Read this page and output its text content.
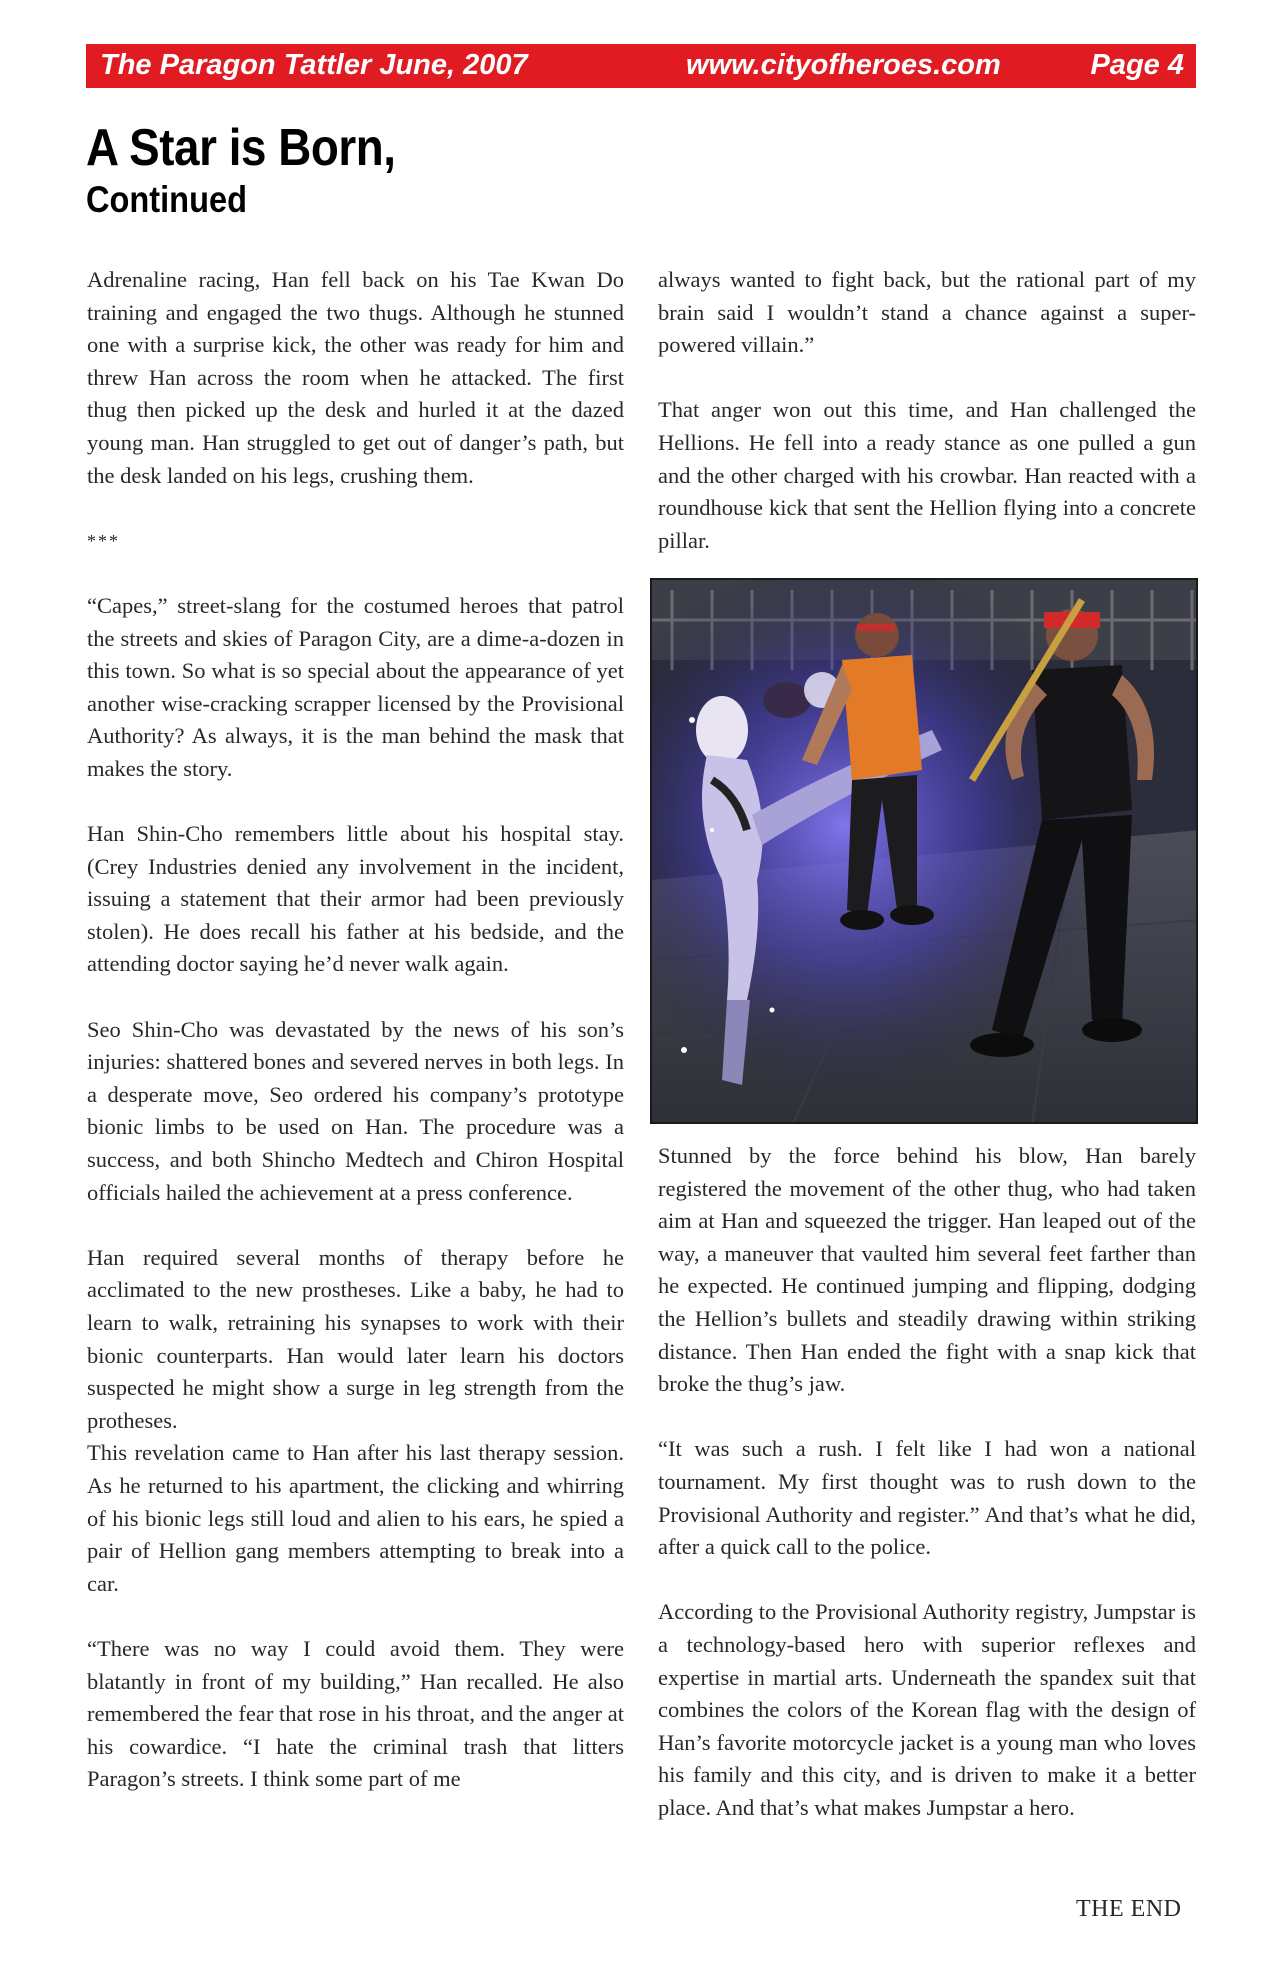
The Paragon Tattler June, 2007	www.cityofheroes.com	Page 4
A Star is Born,
Continued

Adrenaline racing, Han fell back on his Tae Kwan Do training and engaged the two thugs. Although he stunned one with a surprise kick, the other was ready for him and threw Han across the room when he attacked. The first thug then picked up the desk and hurled it at the dazed young man. Han struggled to get out of danger’s path, but the desk landed on his legs, crushing them.

***

“Capes,” street-slang for the costumed heroes that patrol the streets and skies of Paragon City, are a dime-a-dozen in this town. So what is so special about the appearance of yet another wise-cracking scrapper licensed by the Provisional Authority? As always, it is the man behind the mask that makes the story.

Han Shin-Cho remembers little about his hospital stay. (Crey Industries denied any involvement in the incident, issuing a statement that their armor had been previously stolen). He does recall his father at his bedside, and the attending doctor saying he’d never walk again.

Seo Shin-Cho was devastated by the news of his son’s injuries: shattered bones and severed nerves in both legs. In a desperate move, Seo ordered his company’s prototype bionic limbs to be used on Han. The procedure was a success, and both Shincho Medtech and Chiron Hospital officials hailed the achievement at a press conference.

Han required several months of therapy before he acclimated to the new prostheses. Like a baby, he had to learn to walk, retraining his synapses to work with their bionic counterparts. Han would later learn his doctors suspected he might show a surge in leg strength from the protheses.

This revelation came to Han after his last therapy session. As he returned to his apartment, the clicking and whirring of his bionic legs still loud and alien to his ears, he spied a pair of Hellion gang members attempting to break into a car.

“There was no way I could avoid them. They were blatantly in front of my building,” Han recalled. He also remembered the fear that rose in his throat, and the anger at his cowardice. “I hate the criminal trash that litters Paragon’s streets. I think some part of me

always wanted to fight back, but the rational part of my brain said I wouldn’t stand a chance against a super-powered villain.”

That anger won out this time, and Han challenged the Hellions. He fell into a ready stance as one pulled a gun and the other charged with his crowbar. Han reacted with a roundhouse kick that sent the Hellion flying into a concrete pillar.

Stunned by the force behind his blow, Han barely registered the movement of the other thug, who had taken aim at Han and squeezed the trigger. Han leaped out of the way, a maneuver that vaulted him several feet farther than he expected. He continued jumping and flipping, dodging the Hellion’s bullets and steadily drawing within striking distance. Then Han ended the fight with a snap kick that broke the thug’s jaw.

“It was such a rush. I felt like I had won a national tournament. My first thought was to rush down to the Provisional Authority and register.” And that’s what he did, after a quick call to the police.

According to the Provisional Authority registry, Jumpstar is a technology-based hero with superior reflexes and expertise in martial arts. Underneath the spandex suit that combines the colors of the Korean flag with the design of Han’s favorite motorcycle jacket is a young man who loves his family and this city, and is driven to make it a better place. And that’s what makes Jumpstar a hero.

THE END
